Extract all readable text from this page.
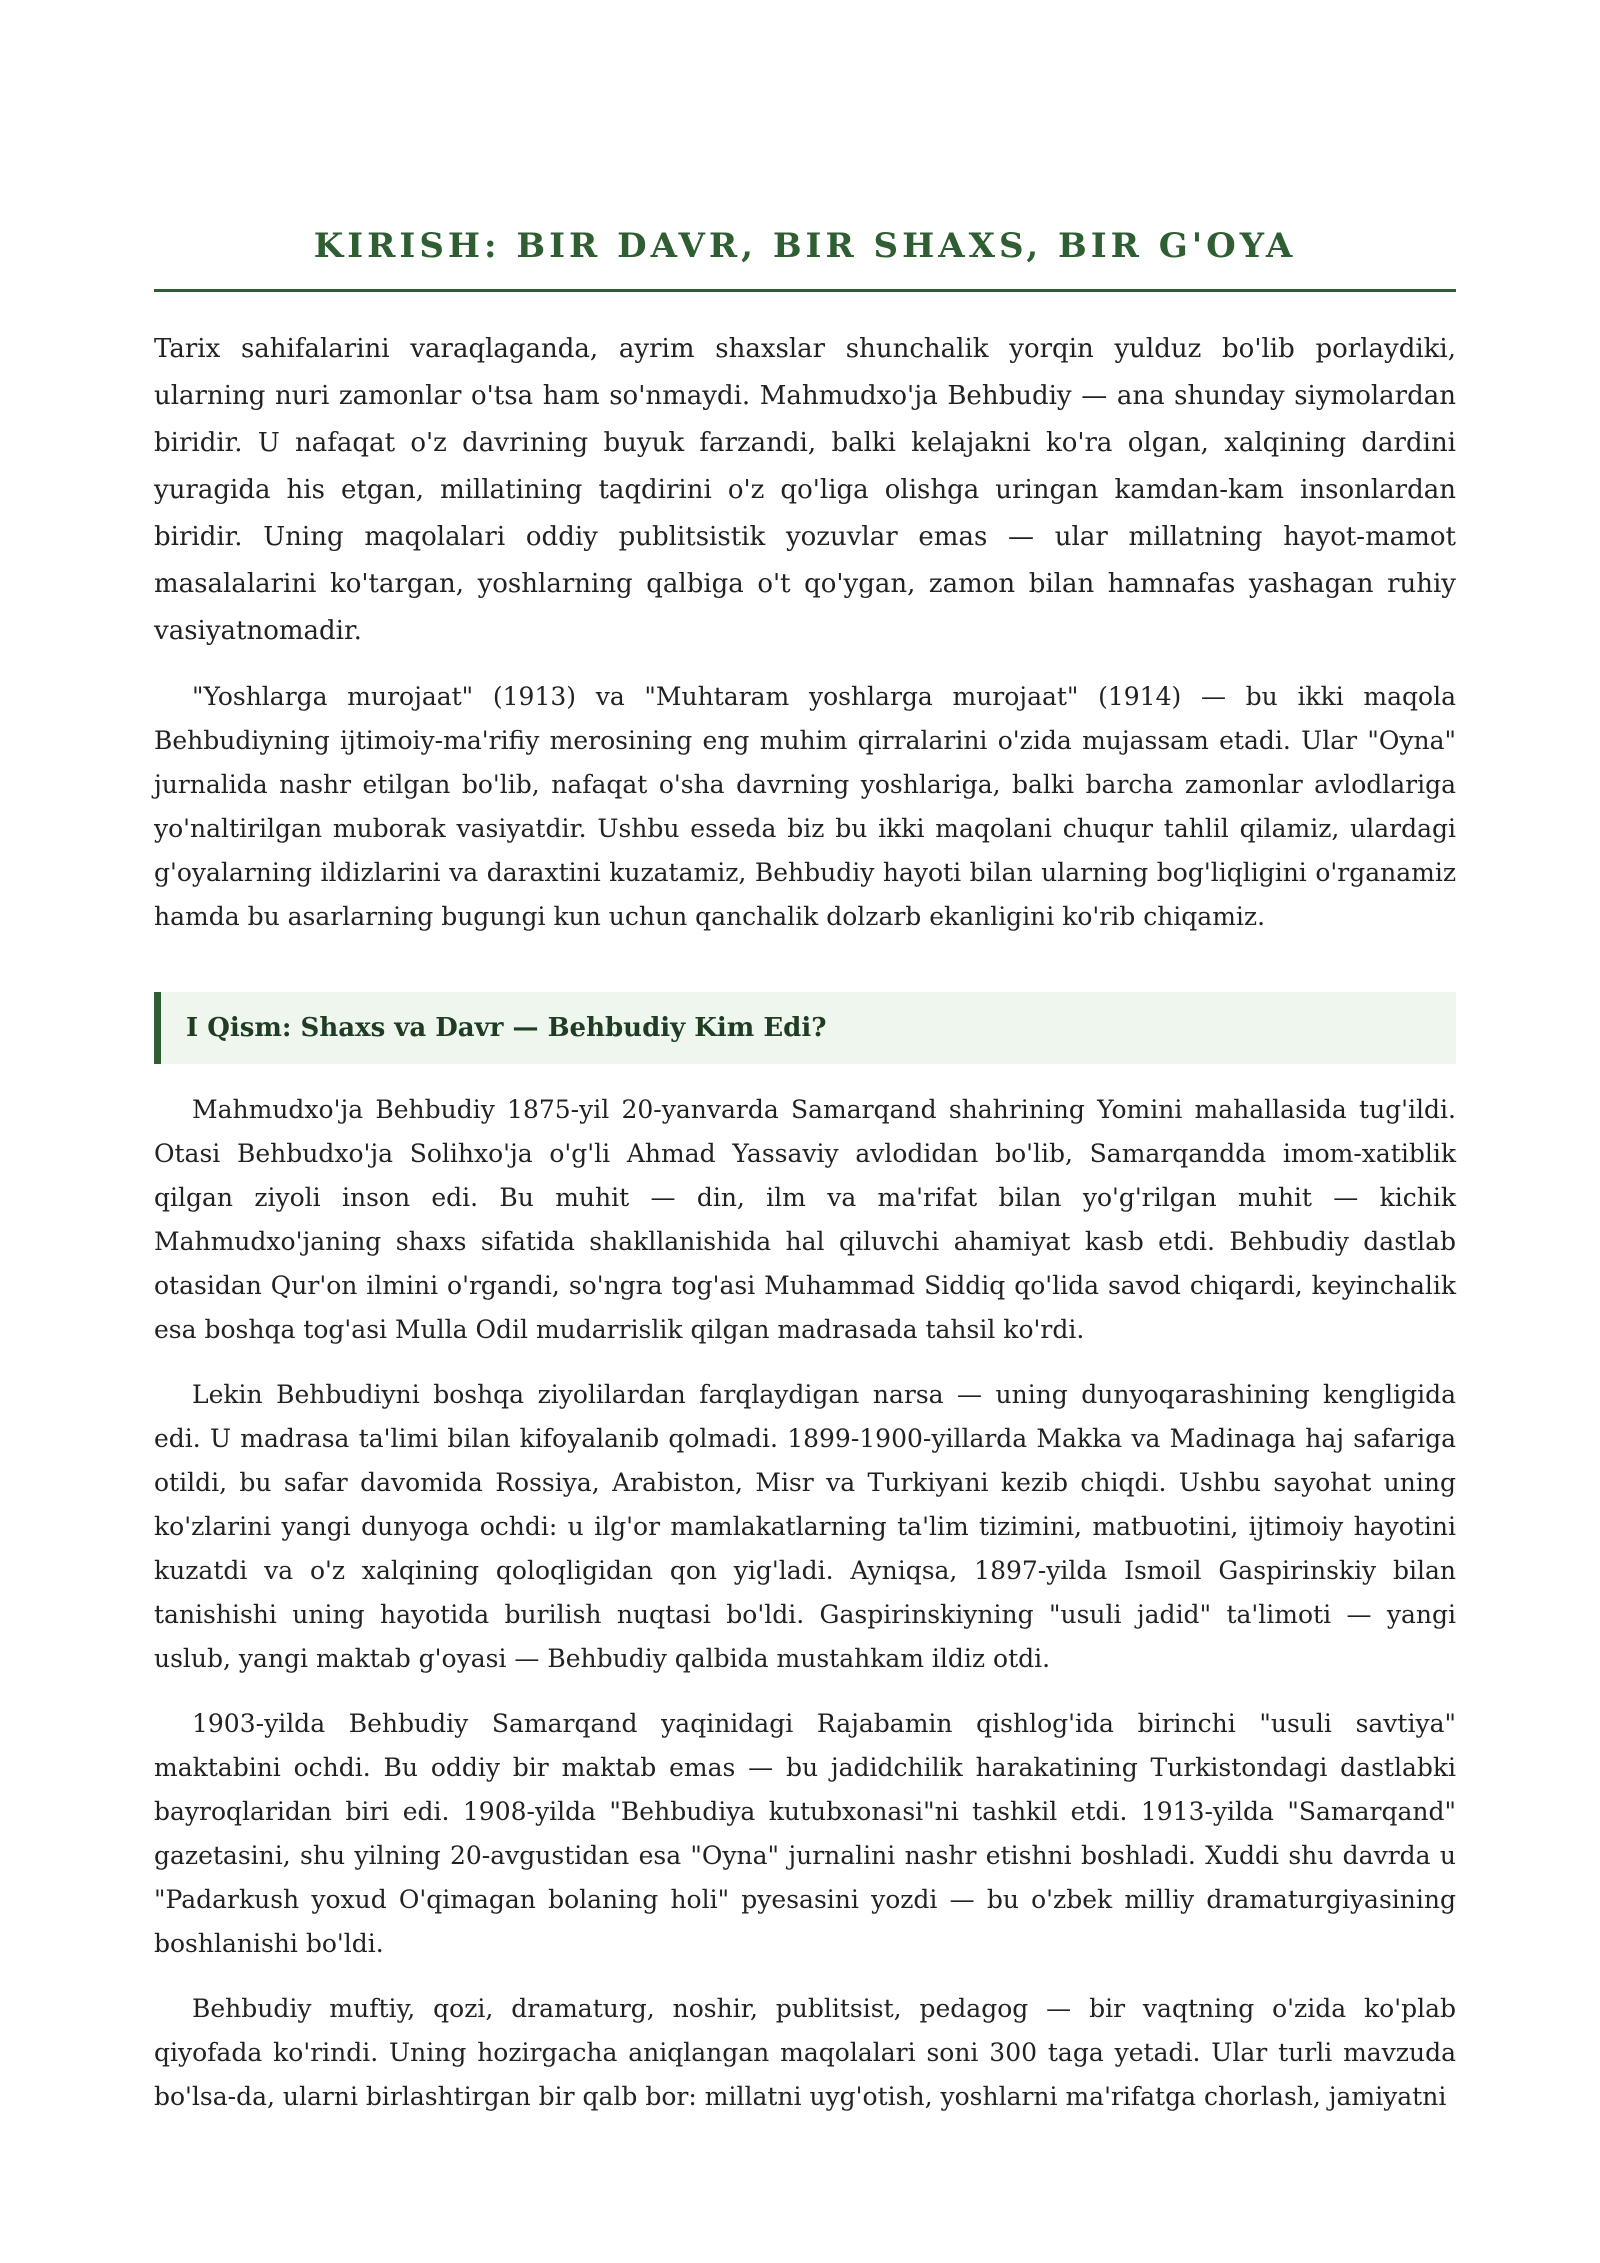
KIRISH: BIR DAVR, BIR SHAXS, BIR G'OYA

Tarix sahifalarini varaqlaganda, ayrim shaxslar shunchalik yorqin yulduz bo'lib porlaydiki, ularning nuri zamonlar o'tsa ham so'nmaydi. Mahmudxo'ja Behbudiy — ana shunday siymolardan biridir. U nafaqat o'z davrining buyuk farzandi, balki kelajakni ko'ra olgan, xalqining dardini yuragida his etgan, millatining taqdirini o'z qo'liga olishga uringan kamdan-kam insonlardan biridir. Uning maqolalari oddiy publitsistik yozuvlar emas — ular millatning hayot-mamot masalalarini ko'targan, yoshlarning qalbiga o't qo'ygan, zamon bilan hamnafas yashagan ruhiy vasiyatnomadir.

"Yoshlarga murojaat" (1913) va "Muhtaram yoshlarga murojaat" (1914) — bu ikki maqola Behbudiyning ijtimoiy-ma'rifiy merosining eng muhim qirralarini o'zida mujassam etadi. Ular "Oyna" jurnalida nashr etilgan bo'lib, nafaqat o'sha davrning yoshlariga, balki barcha zamonlar avlodlariga yo'naltirilgan muborak vasiyatdir. Ushbu esseda biz bu ikki maqolani chuqur tahlil qilamiz, ulardagi g'oyalarning ildizlarini va daraxtini kuzatamiz, Behbudiy hayoti bilan ularning bog'liqligini o'rganamiz hamda bu asarlarning bugungi kun uchun qanchalik dolzarb ekanligini ko'rib chiqamiz.

I Qism: Shaxs va Davr — Behbudiy Kim Edi?

Mahmudxo'ja Behbudiy 1875-yil 20-yanvarda Samarqand shahrining Yomini mahallasida tug'ildi. Otasi Behbudxo'ja Solihxo'ja o'g'li Ahmad Yassaviy avlodidan bo'lib, Samarqandda imom-xatiblik qilgan ziyoli inson edi. Bu muhit — din, ilm va ma'rifat bilan yo'g'rilgan muhit — kichik Mahmudxo'janing shaxs sifatida shakllanishida hal qiluvchi ahamiyat kasb etdi. Behbudiy dastlab otasidan Qur'on ilmini o'rgandi, so'ngra tog'asi Muhammad Siddiq qo'lida savod chiqardi, keyinchalik esa boshqa tog'asi Mulla Odil mudarrislik qilgan madrasada tahsil ko'rdi.

Lekin Behbudiyni boshqa ziyolilardan farqlaydigan narsa — uning dunyoqarashining kengligida edi. U madrasa ta'limi bilan kifoyalanib qolmadi. 1899-1900-yillarda Makka va Madinaga haj safariga otildi, bu safar davomida Rossiya, Arabiston, Misr va Turkiyani kezib chiqdi. Ushbu sayohat uning ko'zlarini yangi dunyoga ochdi: u ilg'or mamlakatlarning ta'lim tizimini, matbuotini, ijtimoiy hayotini kuzatdi va o'z xalqining qoloqligidan qon yig'ladi. Ayniqsa, 1897-yilda Ismoil Gaspirinskiy bilan tanishishi uning hayotida burilish nuqtasi bo'ldi. Gaspirinskiyning "usuli jadid" ta'limoti — yangi uslub, yangi maktab g'oyasi — Behbudiy qalbida mustahkam ildiz otdi.

1903-yilda Behbudiy Samarqand yaqinidagi Rajabamin qishlog'ida birinchi "usuli savtiya" maktabini ochdi. Bu oddiy bir maktab emas — bu jadidchilik harakatining Turkistondagi dastlabki bayroqlaridan biri edi. 1908-yilda "Behbudiya kutubxonasi"ni tashkil etdi. 1913-yilda "Samarqand" gazetasini, shu yilning 20-avgustidan esa "Oyna" jurnalini nashr etishni boshladi. Xuddi shu davrda u "Padarkush yoxud O'qimagan bolaning holi" pyesasini yozdi — bu o'zbek milliy dramaturgiyasining boshlanishi bo'ldi.

Behbudiy muftiy, qozi, dramaturg, noshir, publitsist, pedagog — bir vaqtning o'zida ko'plab qiyofada ko'rindi. Uning hozirgacha aniqlangan maqolalari soni 300 taga yetadi. Ular turli mavzuda bo'lsa-da, ularni birlashtirgan bir qalb bor: millatni uyg'otish, yoshlarni ma'rifatga chorlash, jamiyatni
